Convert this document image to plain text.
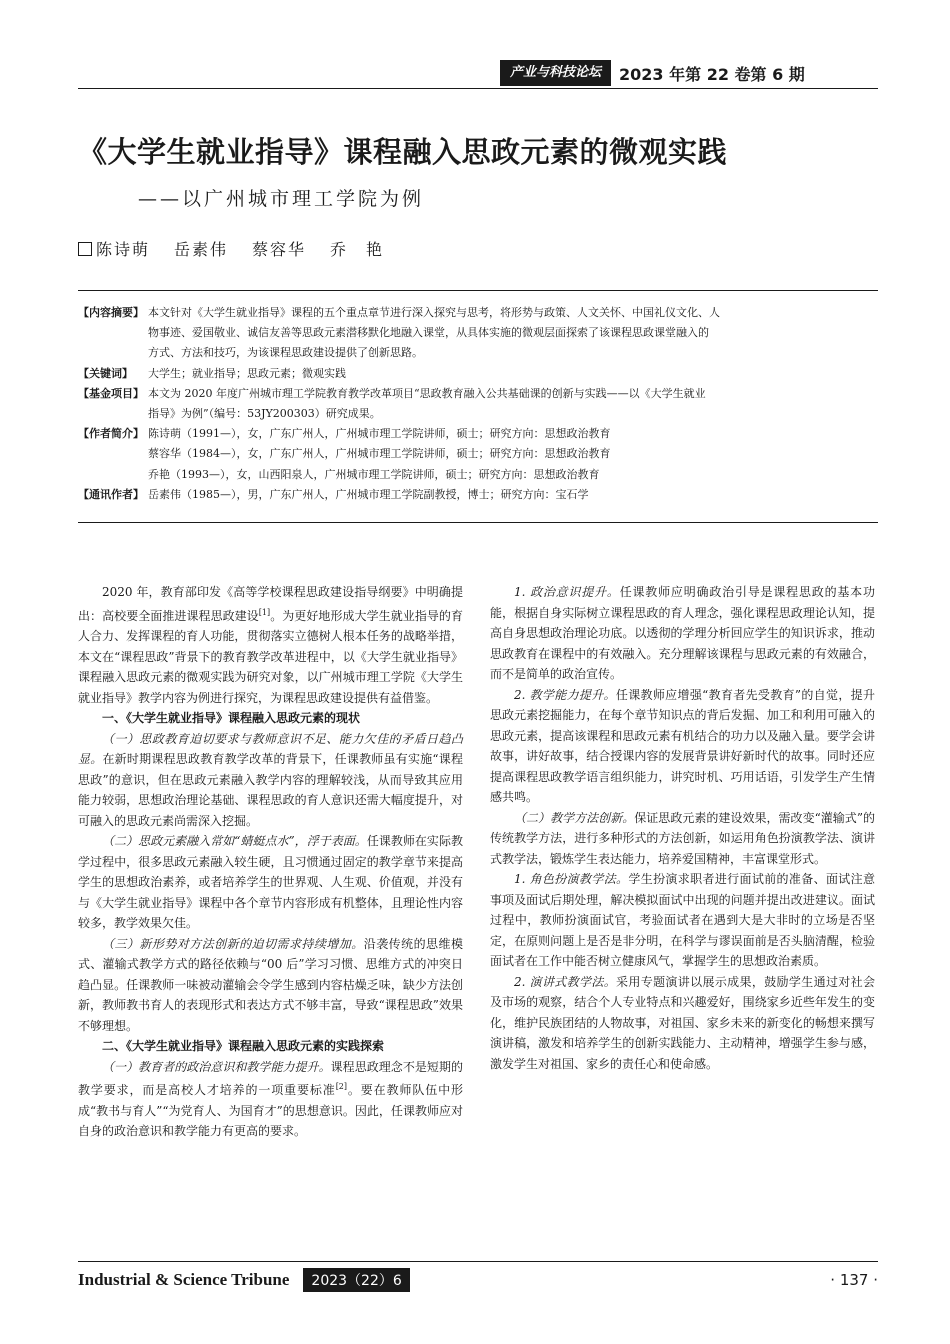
产业与科技论坛	2023 年第 22 卷第 6 期
《大学生就业指导》课程融入思政元素的微观实践
——以广州城市理工学院为例
陈诗萌 岳素伟 蔡容华 乔　艳
【内容摘要】 本文针对《大学生就业指导》课程的五个重点章节进行深入探究与思考，将形势与政策、人文关怀、中国礼仪文化、人
物事迹、爱国敬业、诚信友善等思政元素潜移默化地融入课堂，从具体实施的微观层面探索了该课程思政课堂融入的
方式、方法和技巧，为该课程思政建设提供了创新思路。
【关键词】	大学生；就业指导；思政元素；微观实践
【基金项目】 本文为 2020 年度广州城市理工学院教育教学改革项目“思政教育融入公共基础课的创新与实践——以《大学生就业
指导》为例”（编号：53JY200303）研究成果。
【作者简介】 陈诗萌（1991—），女，广东广州人，广州城市理工学院讲师，硕士；研究方向：思想政治教育
蔡容华（1984—），女，广东广州人，广州城市理工学院讲师，硕士；研究方向：思想政治教育
乔艳（1993—），女，山西阳泉人，广州城市理工学院讲师，硕士；研究方向：思想政治教育
【通讯作者】 岳素伟（1985—），男，广东广州人，广州城市理工学院副教授，博士；研究方向：宝石学

2020 年，教育部印发《高等学校课程思政建设指导纲要》中明确提出：高校要全面推进课程思政建设[1]。为更好地形成大学生就业指导的育人合力、发挥课程的育人功能，贯彻落实立德树人根本任务的战略举措，本文在“课程思政”背景下的教育教学改革进程中，以《大学生就业指导》课程融入思政元素的微观实践为研究对象，以广州城市理工学院《大学生就业指导》教学内容为例进行探究，为课程思政建设提供有益借鉴。

一、《大学生就业指导》课程融入思政元素的现状

（一）思政教育迫切要求与教师意识不足、能力欠佳的矛盾日趋凸显。在新时期课程思政教育教学改革的背景下，任课教师虽有实施“课程思政”的意识，但在思政元素融入教学内容的理解较浅，从而导致其应用能力较弱，思想政治理论基础、课程思政的育人意识还需大幅度提升，对可融入的思政元素尚需深入挖掘。

（二）思政元素融入常如“蜻蜓点水”，浮于表面。任课教师在实际教学过程中，很多思政元素融入较生硬，且习惯通过固定的教学章节来提高学生的思想政治素养，或者培养学生的世界观、人生观、价值观，并没有与《大学生就业指导》课程中各个章节内容形成有机整体，且理论性内容较多，教学效果欠佳。

（三）新形势对方法创新的迫切需求持续增加。沿袭传统的思维模式、灌输式教学方式的路径依赖与“00 后”学习习惯、思维方式的冲突日趋凸显。任课教师一味被动灌输会令学生感到内容枯燥乏味，缺少方法创新，教师教书育人的表现形式和表达方式不够丰富，导致“课程思政”效果不够理想。

二、《大学生就业指导》课程融入思政元素的实践探索

（一）教育者的政治意识和教学能力提升。课程思政理念不是短期的教学要求，而是高校人才培养的一项重要标准[2]。要在教师队伍中形成“教书与育人”“为党育人、为国育才”的思想意识。因此，任课教师应对自身的政治意识和教学能力有更高的要求。

1. 政治意识提升。任课教师应明确政治引导是课程思政的基本功能，根据自身实际树立课程思政的育人理念，强化课程思政理论认知，提高自身思想政治理论功底。以透彻的学理分析回应学生的知识诉求，推动思政教育在课程中的有效融入。充分理解该课程与思政元素的有效融合，而不是简单的政治宣传。

2. 教学能力提升。任课教师应增强“教育者先受教育”的自觉，提升思政元素挖掘能力，在每个章节知识点的背后发掘、加工和利用可融入的思政元素，提高该课程和思政元素有机结合的功力以及融入量。要学会讲故事，讲好故事，结合授课内容的发展背景讲好新时代的故事。同时还应提高课程思政教学语言组织能力，讲究时机、巧用话语，引发学生产生情感共鸣。

（二）教学方法创新。保证思政元素的建设效果，需改变“灌输式”的传统教学方法，进行多种形式的方法创新，如运用角色扮演教学法、演讲式教学法，锻炼学生表达能力，培养爱国精神，丰富课堂形式。

1. 角色扮演教学法。学生扮演求职者进行面试前的准备、面试注意事项及面试后期处理，解决模拟面试中出现的问题并提出改进建议。面试过程中，教师扮演面试官，考验面试者在遇到大是大非时的立场是否坚定，在原则问题上是否是非分明，在科学与谬误面前是否头脑清醒，检验面试者在工作中能否树立健康风气，掌握学生的思想政治素质。

2. 演讲式教学法。采用专题演讲以展示成果，鼓励学生通过对社会及市场的观察，结合个人专业特点和兴趣爱好，围绕家乡近些年发生的变化，维护民族团结的人物故事，对祖国、家乡未来的新变化的畅想来撰写演讲稿，激发和培养学生的创新实践能力、主动精神，增强学生参与感，激发学生对祖国、家乡的责任心和使命感。

Industrial & Science Tribune	2023（22）6	· 137 ·
